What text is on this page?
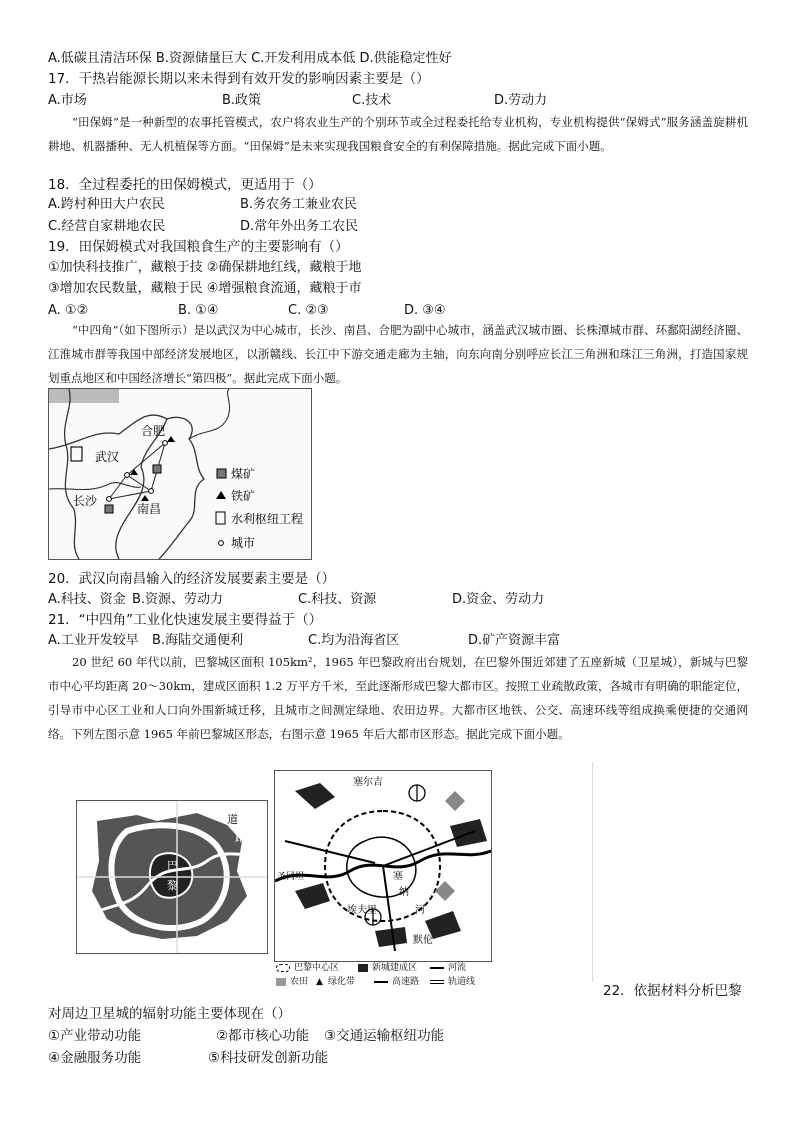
A.低碳且清洁环保 B.资源储量巨大 C.开发利用成本低 D.供能稳定性好
17．干热岩能源长期以来未得到有效开发的影响因素主要是（）
A.市场	B.政策	C.技术	D.劳动力

“田保姆”是一种新型的农事托管模式，农户将农业生产的个别环节或全过程委托给专业机构，专业机构提供“保姆式”服务涵盖旋耕机耕地、机器播种、无人机植保等方面。“田保姆”是未来实现我国粮食安全的有利保障措施。据此完成下面小题。

18．全过程委托的田保姆模式，更适用于（）
A.跨村种田大户农民	B.务农务工兼业农民
C.经营自家耕地农民	D.常年外出务工农民
19．田保姆模式对我国粮食生产的主要影响有（）
①加快科技推广，藏粮于技 ②确保耕地红线，藏粮于地
③增加农民数量，藏粮于民 ④增强粮食流通，藏粮于市
A. ①②	B. ①④	C. ②③	D. ③④

“中四角”（如下图所示）是以武汉为中心城市，长沙、南昌、合肥为副中心城市，涵盖武汉城市圈、长株潭城市群、环鄱阳湖经济圈、江淮城市群等我国中部经济发展地区，以浙赣线、长江中下游交通走廊为主轴，向东向南分别呼应长江三角洲和珠江三角洲，打造国家规划重点地区和中国经济增长“第四极”。据此完成下面小题。

合肥
武汉
长沙
南昌
煤矿
铁矿
水利枢纽工程
城市
20．武汉向南昌输入的经济发展要素主要是（）
A.科技、资金 B.资源、劳动力	C.科技、资源	D.资金、劳动力
21．“中四角”工业化快速发展主要得益于（）
A.工业开发较早 B.海陆交通便利	C.均为沿海省区	D.矿产资源丰富

20 世纪 60 年代以前，巴黎城区面积 105km²，1965 年巴黎政府出台规划，在巴黎外围近郊建了五座新城（卫星城），新城与巴黎市中心平均距离 20～30km，建成区面积 1.2 万平方千米，至此逐渐形成巴黎大都市区。按照工业疏散政策，各城市有明确的职能定位，引导市中心区工业和人口向外围新城迁移，且城市之间测定绿地、农田边界。大都市区地铁、公交、高速环线等组成换乘便捷的交通网络。下列左图示意 1965 年前巴黎城区形态，右图示意 1965 年后大都市区形态。据此完成下面小题。

道
路
巴
黎
塞尔吉
圣冈坦	塞
纳
埃夫里	河
默伦
巴黎中心区	新城建成区	河流
农田 ▲ 绿化带	高速路	轨道线
22．依据材料分析巴黎
对周边卫星城的辐射功能主要体现在（）
①产业带动功能	②都市核心功能 ③交通运输枢纽功能
④金融服务功能	⑤科技研发创新功能
